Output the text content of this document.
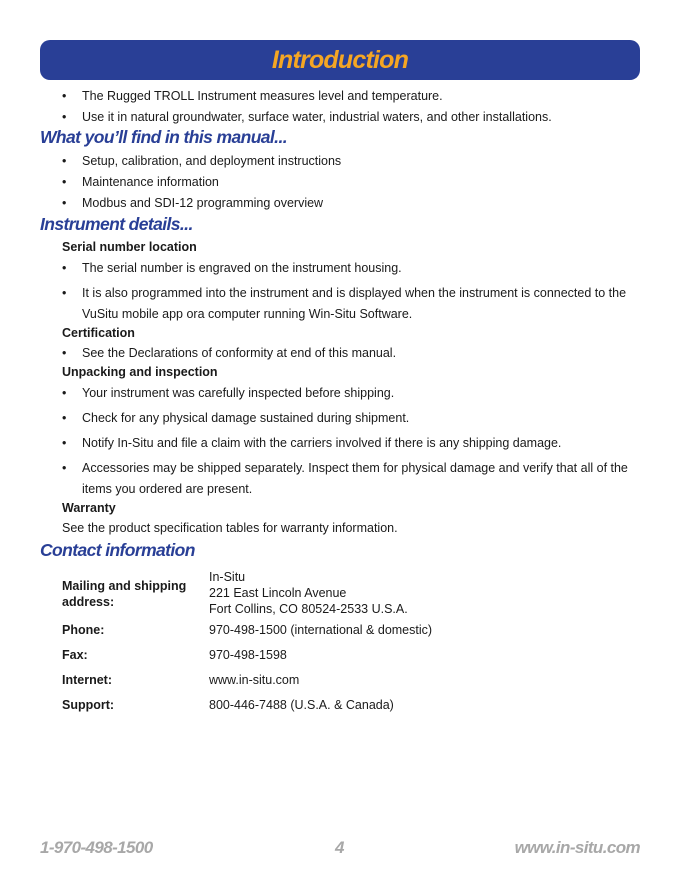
Introduction
• The Rugged TROLL Instrument measures level and temperature.
• Use it in natural groundwater, surface water, industrial waters, and other installations.
What you’ll find in this manual...
• Setup, calibration, and deployment instructions
• Maintenance information
• Modbus and SDI-12 programming overview
Instrument details...
Serial number location
• The serial number is engraved on the instrument housing.
• It is also programmed into the instrument and is displayed when the instrument is connected to the VuSitu mobile app ora computer running Win-Situ Software.
Certification
• See the Declarations of conformity at end of this manual.
Unpacking and inspection
• Your instrument was carefully inspected before shipping.
• Check for any physical damage sustained during shipment.
• Notify In-Situ and file a claim with the carriers involved if there is any shipping damage.
• Accessories may be shipped separately. Inspect them for physical damage and verify that all of the items you ordered are present.
Warranty
See the product specification tables for warranty information.
Contact information
Mailing and shipping address:
In-Situ
221 East Lincoln Avenue
Fort Collins, CO 80524-2533 U.S.A.
Phone:	970-498-1500 (international & domestic)
Fax:	970-498-1598
Internet:	www.in-situ.com
Support:	800-446-7488 (U.S.A. & Canada)
1-970-498-1500	4	www.in-situ.com
